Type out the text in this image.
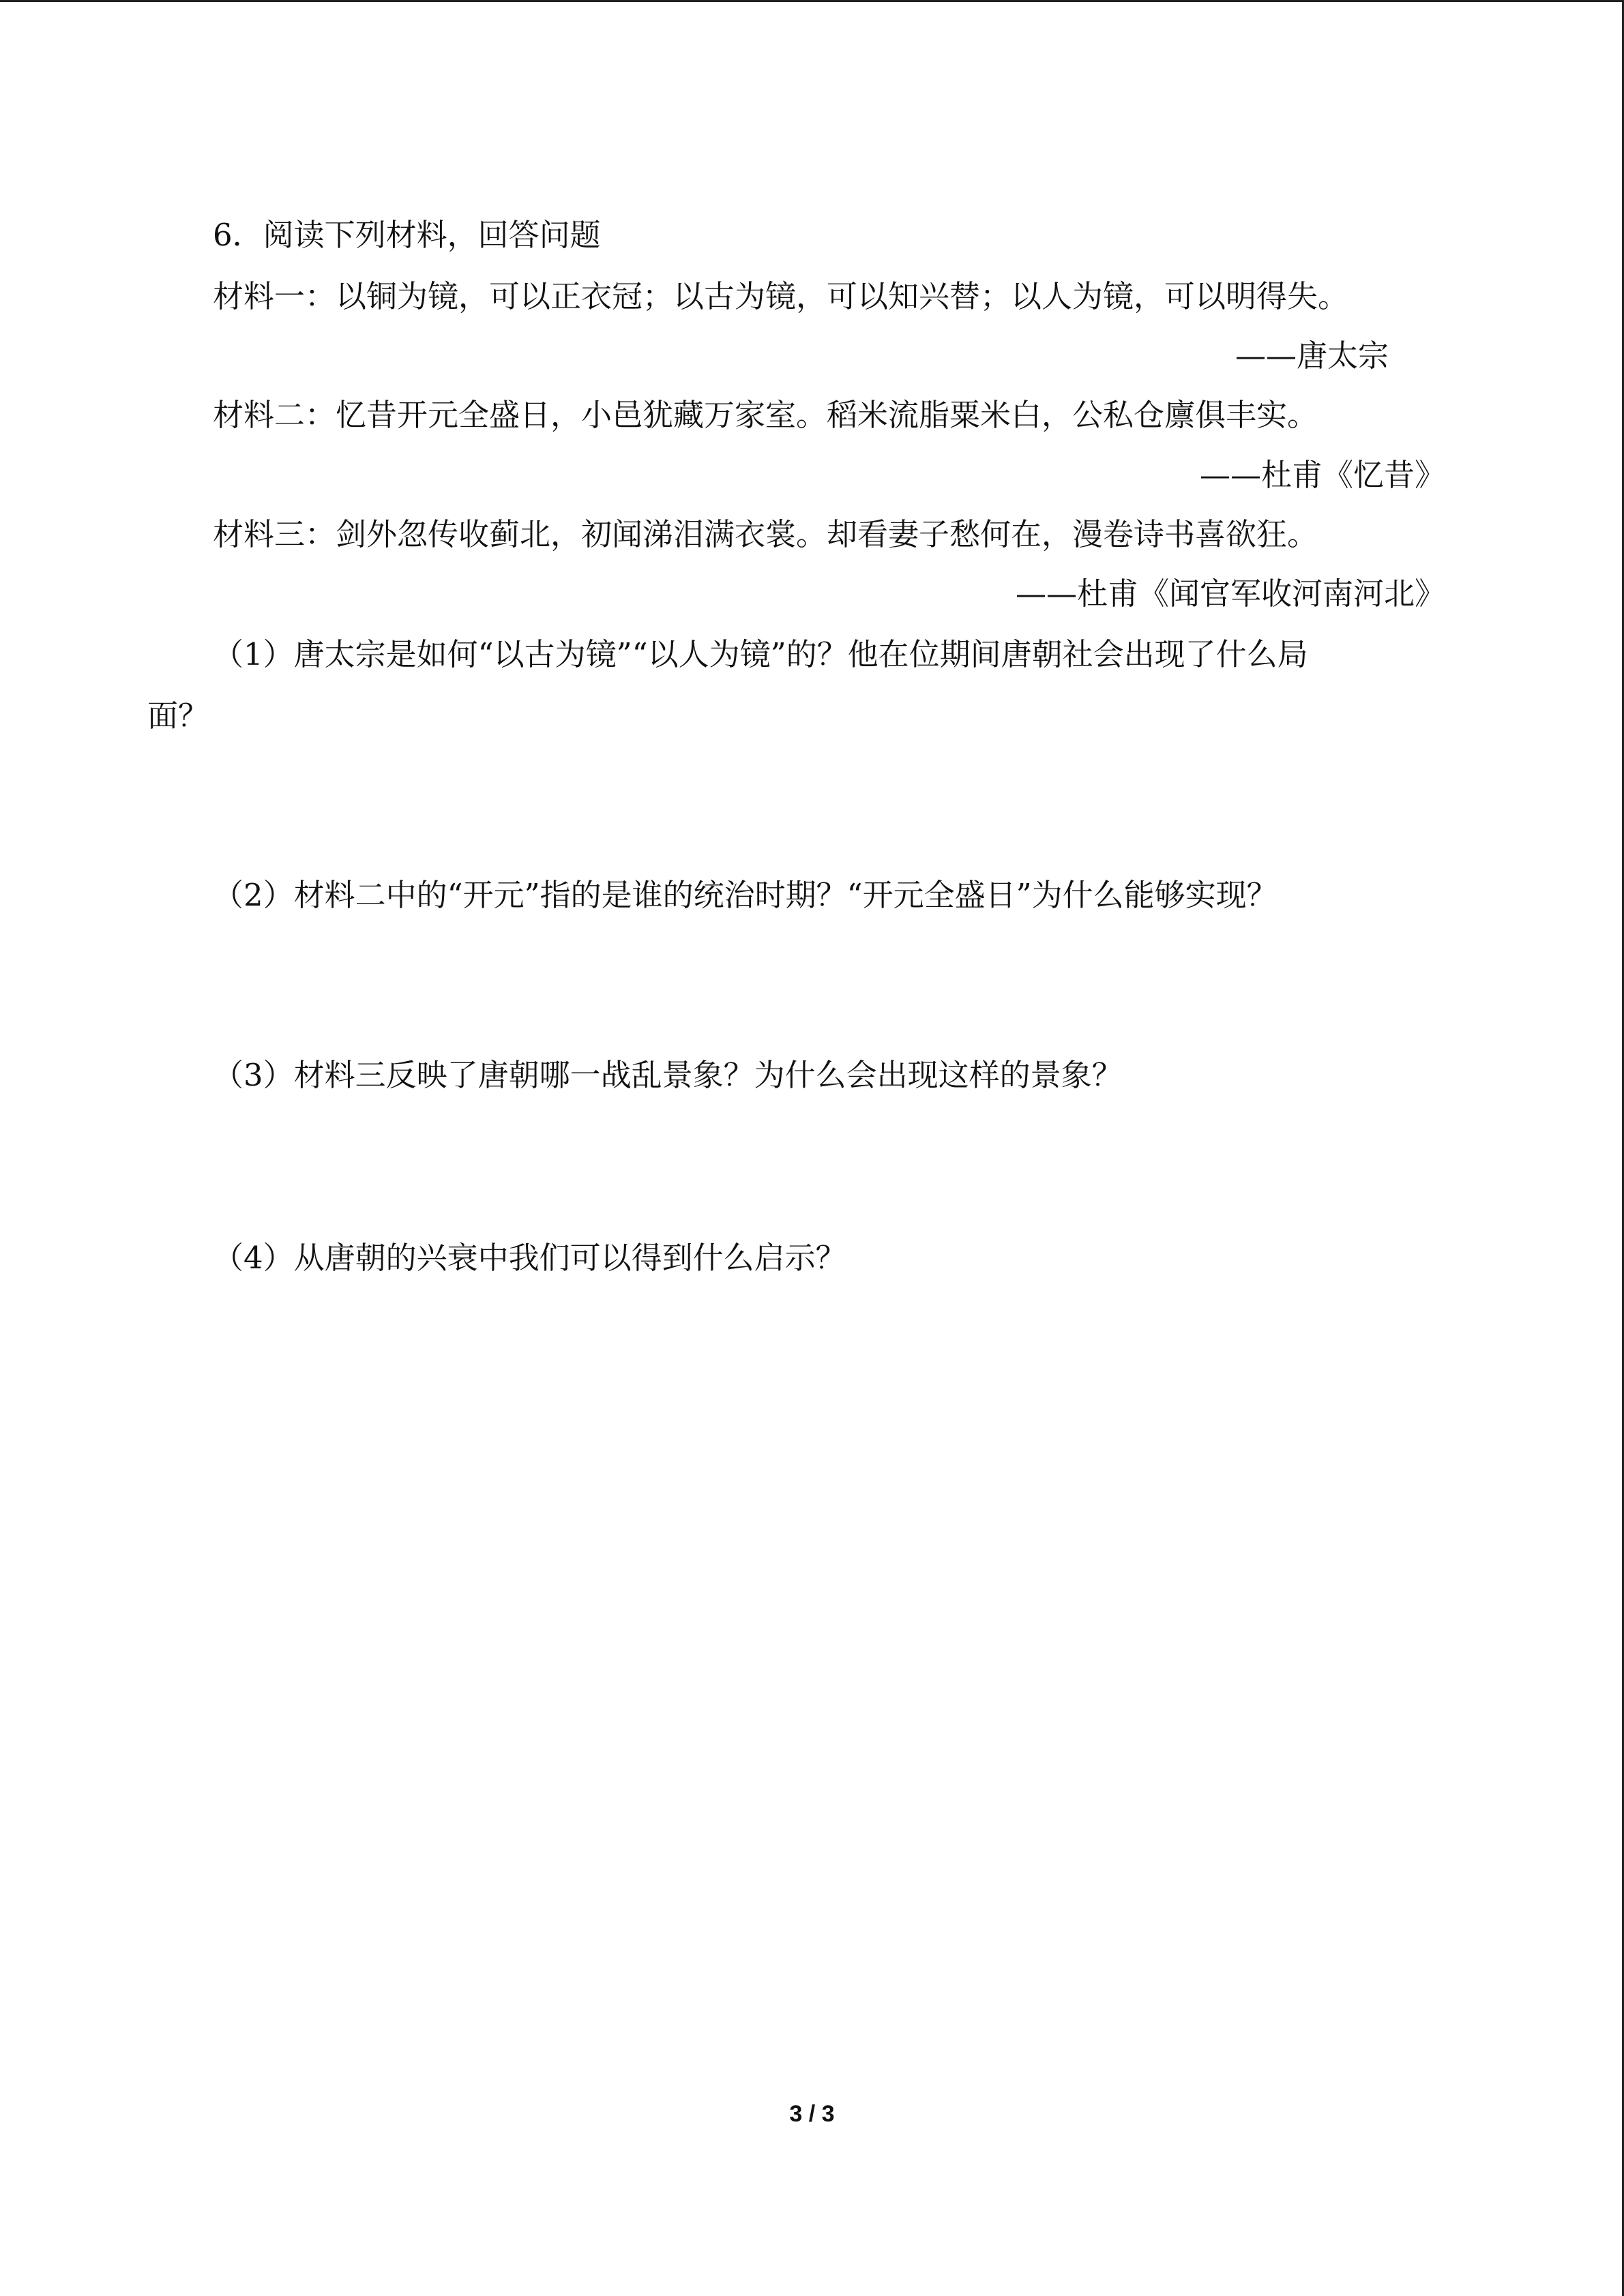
6．阅读下列材料，回答问题
材料一：以铜为镜，可以正衣冠；以古为镜，可以知兴替；以人为镜，可以明得失。
——唐太宗
材料二：忆昔开元全盛日，小邑犹藏万家室。稻米流脂粟米白，公私仓廪俱丰实。
——杜甫《忆昔》
材料三：剑外忽传收蓟北，初闻涕泪满衣裳。却看妻子愁何在，漫卷诗书喜欲狂。
——杜甫《闻官军收河南河北》
（1）唐太宗是如何“以古为镜”“以人为镜”的？他在位期间唐朝社会出现了什么局
面？
（2）材料二中的“开元”指的是谁的统治时期？“开元全盛日”为什么能够实现？
（3）材料三反映了唐朝哪一战乱景象？为什么会出现这样的景象？
（4）从唐朝的兴衰中我们可以得到什么启示？
3 / 3
